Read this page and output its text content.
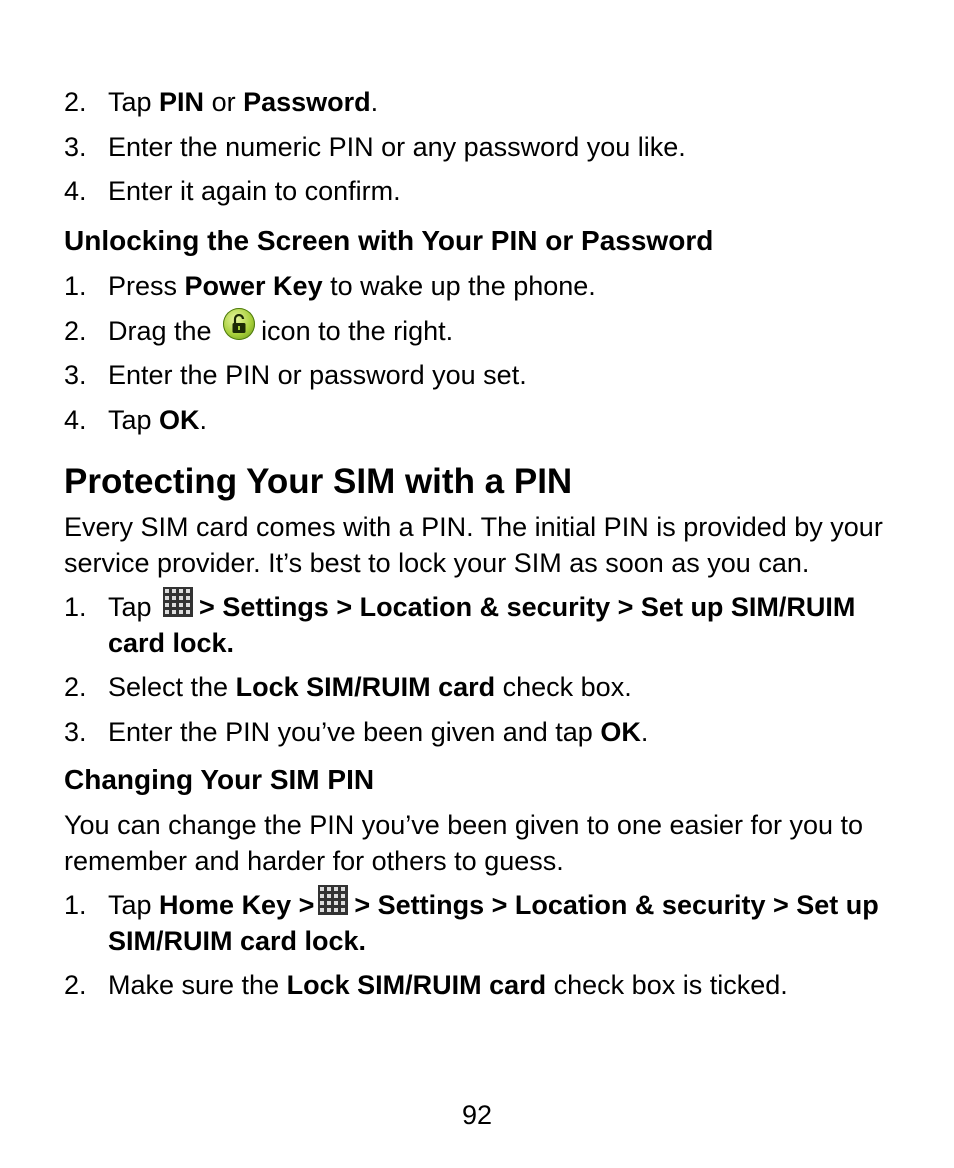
2. Tap PIN or Password.
3. Enter the numeric PIN or any password you like.
4. Enter it again to confirm.
Unlocking the Screen with Your PIN or Password
1. Press Power Key to wake up the phone.
2. Drag the
icon to the right.
3. Enter the PIN or password you set.
4. Tap OK.
Protecting Your SIM with a PIN

Every SIM card comes with a PIN. The initial PIN is provided by your service provider. It’s best to lock your SIM as soon as you can.

1. Tap > Settings > Location & security > Set up SIM/RUIM card lock.
2. Select the Lock SIM/RUIM card check box.
3. Enter the PIN you’ve been given and tap OK.
Changing Your SIM PIN

You can change the PIN you’ve been given to one easier for you to remember and harder for others to guess.

1. Tap Home Key > > Settings > Location & security > Set up SIM/RUIM card lock.
2. Make sure the Lock SIM/RUIM card check box is ticked.
92
